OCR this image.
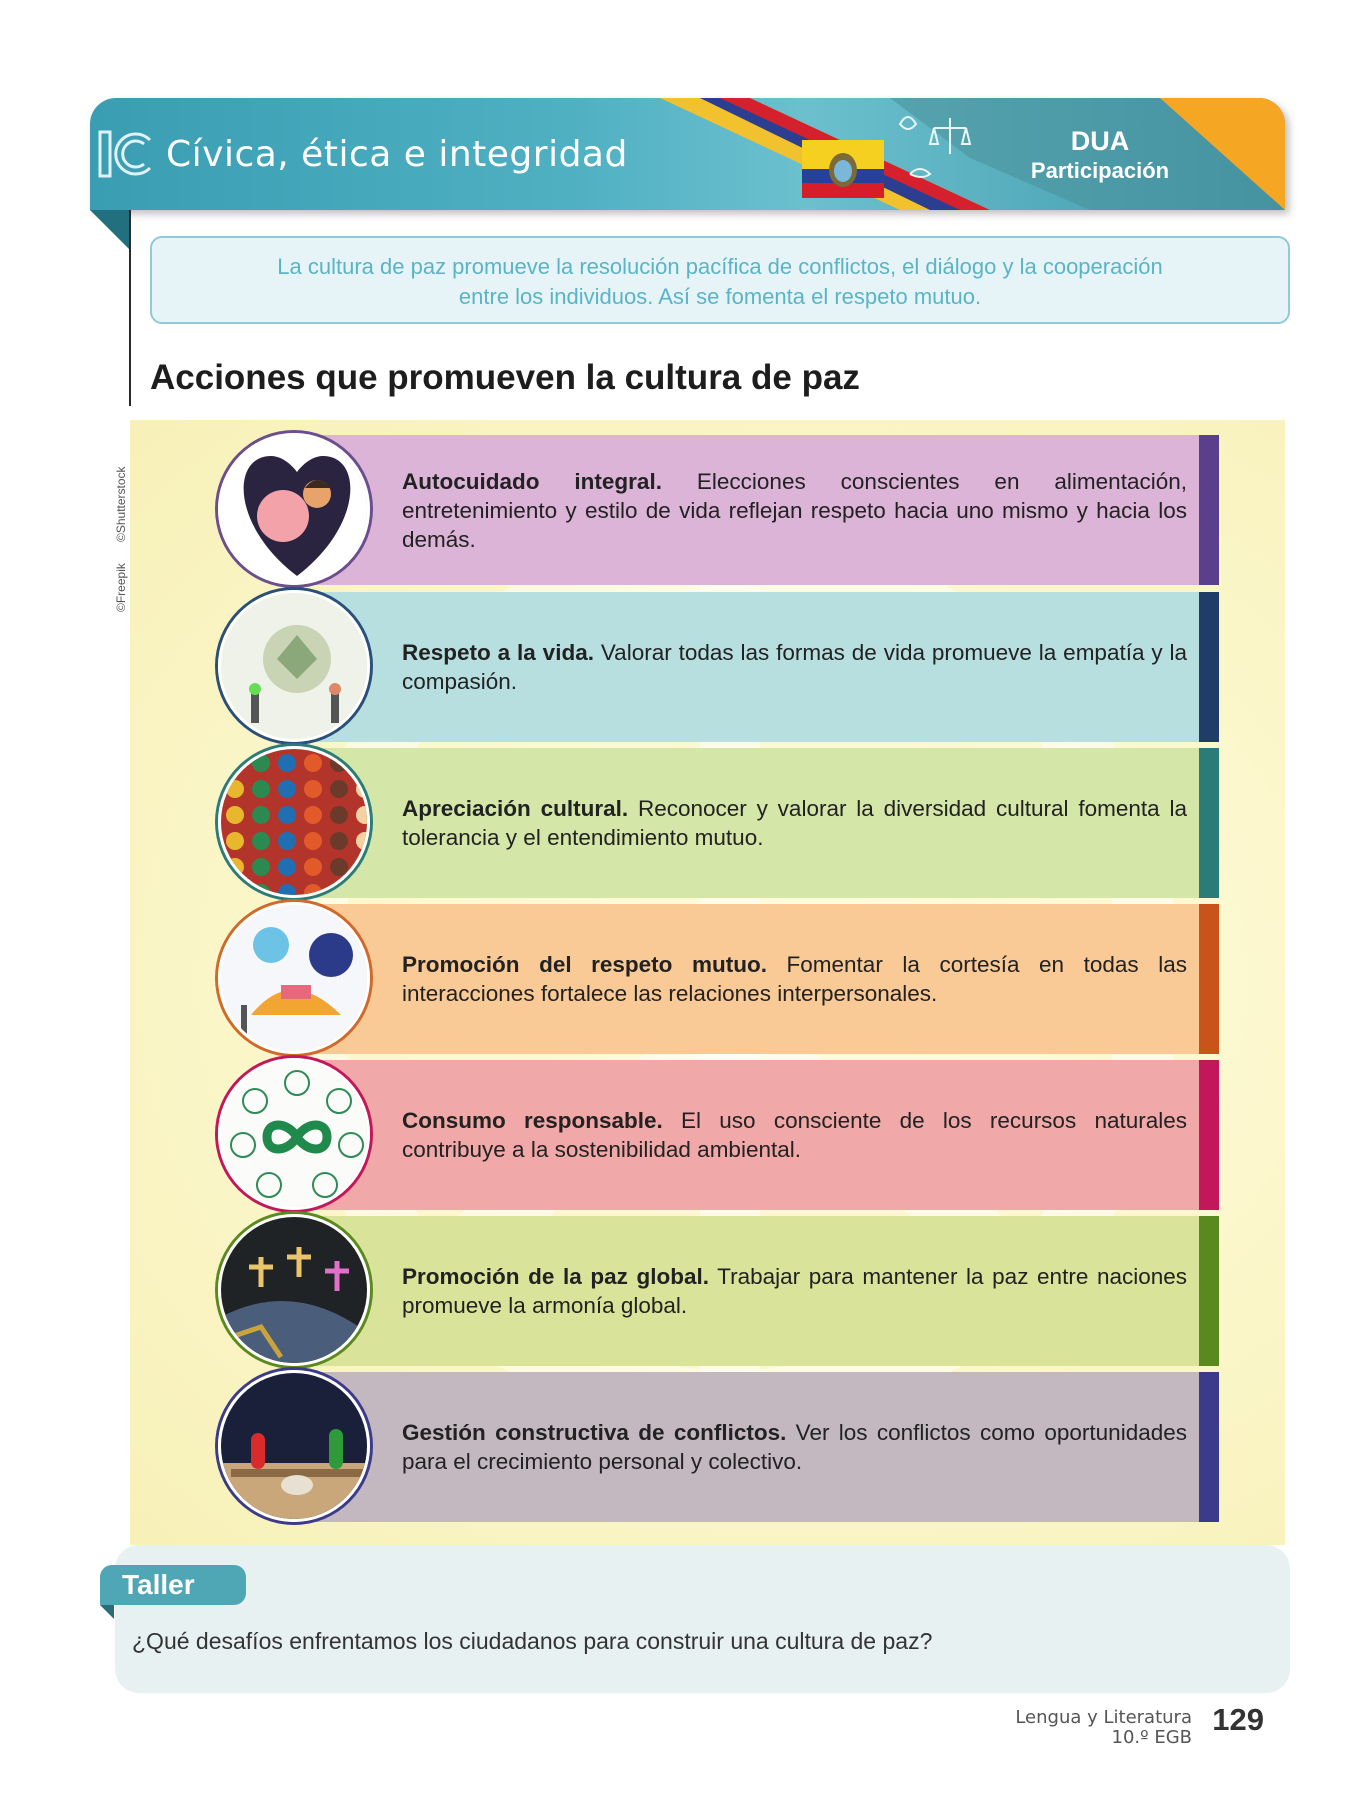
Cívica, ética e integridad	DUA
Participación
La cultura de paz promueve la resolución pacífica de conflictos, el diálogo y la cooperación entre los individuos. Así se fomenta el respeto mutuo.
Acciones que promueven la cultura de paz
©Freepik
©Shutterstock	Autocuidado integral. Elecciones conscientes en alimentación, entretenimiento y estilo de vida reflejan respeto hacia uno mismo y hacia los demás.
Respeto a la vida. Valorar todas las formas de vida promueve la empatía y la compasión.
Apreciación cultural. Reconocer y valorar la diversidad cultural fomenta la tolerancia y el entendimiento mutuo.
Promoción del respeto mutuo. Fomentar la cortesía en todas las interacciones fortalece las relaciones interpersonales.
Consumo responsable. El uso consciente de los recursos naturales contribuye a la sostenibilidad ambiental.
Promoción de la paz global. Trabajar para mantener la paz entre naciones promueve la armonía global.
Gestión constructiva de conflictos. Ver los conflictos como oportunidades para el crecimiento personal y colectivo.
Taller
¿Qué desafíos enfrentamos los ciudadanos para construir una cultura de paz?
Lengua y Literatura
10.º EGB
129
